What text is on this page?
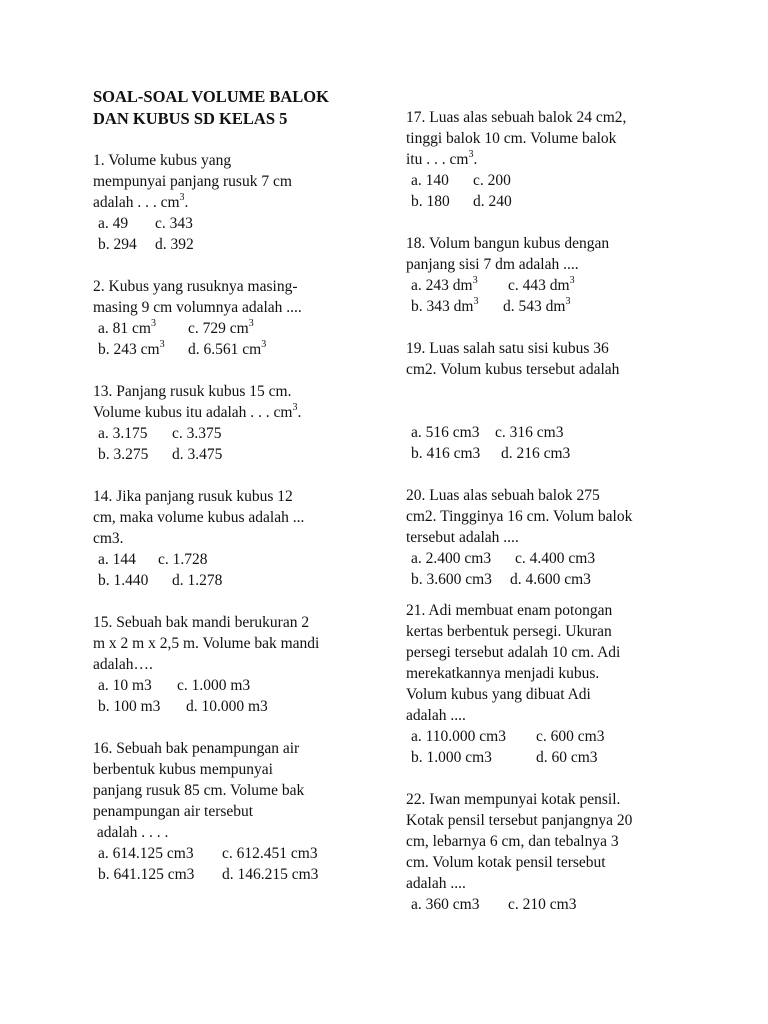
SOAL-SOAL VOLUME BALOK
DAN KUBUS SD KELAS 5
1. Volume kubus yang
mempunyai panjang rusuk 7 cm
adalah . . . $cm^3$.
a. 49 c. 343
b. 294 d. 392
2. Kubus yang rusuknya masing-
masing 9 cm volumnya adalah ....
a. 81 $cm^3$ c. 729 $cm^3$
b. 243 $cm^3$ d. 6.561 $cm^3$
13. Panjang rusuk kubus 15 cm.
Volume kubus itu adalah . . . $cm^3$.
a. 3.175 c. 3.375
b. 3.275 d. 3.475
14. Jika panjang rusuk kubus 12
cm, maka volume kubus adalah ...
cm3.
a. 144 c. 1.728
b. 1.440 d. 1.278
15. Sebuah bak mandi berukuran 2
m x 2 m x 2,5 m. Volume bak mandi
adalah….
a. 10 m3 c. 1.000 m3
b. 100 m3 d. 10.000 m3
16. Sebuah bak penampungan air
berbentuk kubus mempunyai
panjang rusuk 85 cm. Volume bak
penampungan air tersebut
adalah . . . .
a. 614.125 cm3 c. 612.451 cm3
b. 641.125 cm3 d. 146.215 cm3
17. Luas alas sebuah balok 24 cm2,
tinggi balok 10 cm. Volume balok
itu . . . $cm^3$.
a. 140 c. 200
b. 180 d. 240
18. Volum bangun kubus dengan
panjang sisi 7 dm adalah ....
a. 243 $dm^3$ c. 443 $dm^3$
b. 343 $dm^3$ d. 543 $dm^3$
19. Luas salah satu sisi kubus 36
cm2. Volum kubus tersebut adalah
a. 516 cm3 c. 316 cm3
b. 416 cm3 d. 216 cm3
20. Luas alas sebuah balok 275
cm2. Tingginya 16 cm. Volum balok
tersebut adalah ....
a. 2.400 cm3 c. 4.400 cm3
b. 3.600 cm3 d. 4.600 cm3
21. Adi membuat enam potongan
kertas berbentuk persegi. Ukuran
persegi tersebut adalah 10 cm. Adi
merekatkannya menjadi kubus.
Volum kubus yang dibuat Adi
adalah ....
a. 110.000 cm3 c. 600 cm3
b. 1.000 cm3	d. 60 cm3
22. Iwan mempunyai kotak pensil.
Kotak pensil tersebut panjangnya 20
cm, lebarnya 6 cm, dan tebalnya 3
cm. Volum kotak pensil tersebut
adalah ....
a. 360 cm3 c. 210 cm3
